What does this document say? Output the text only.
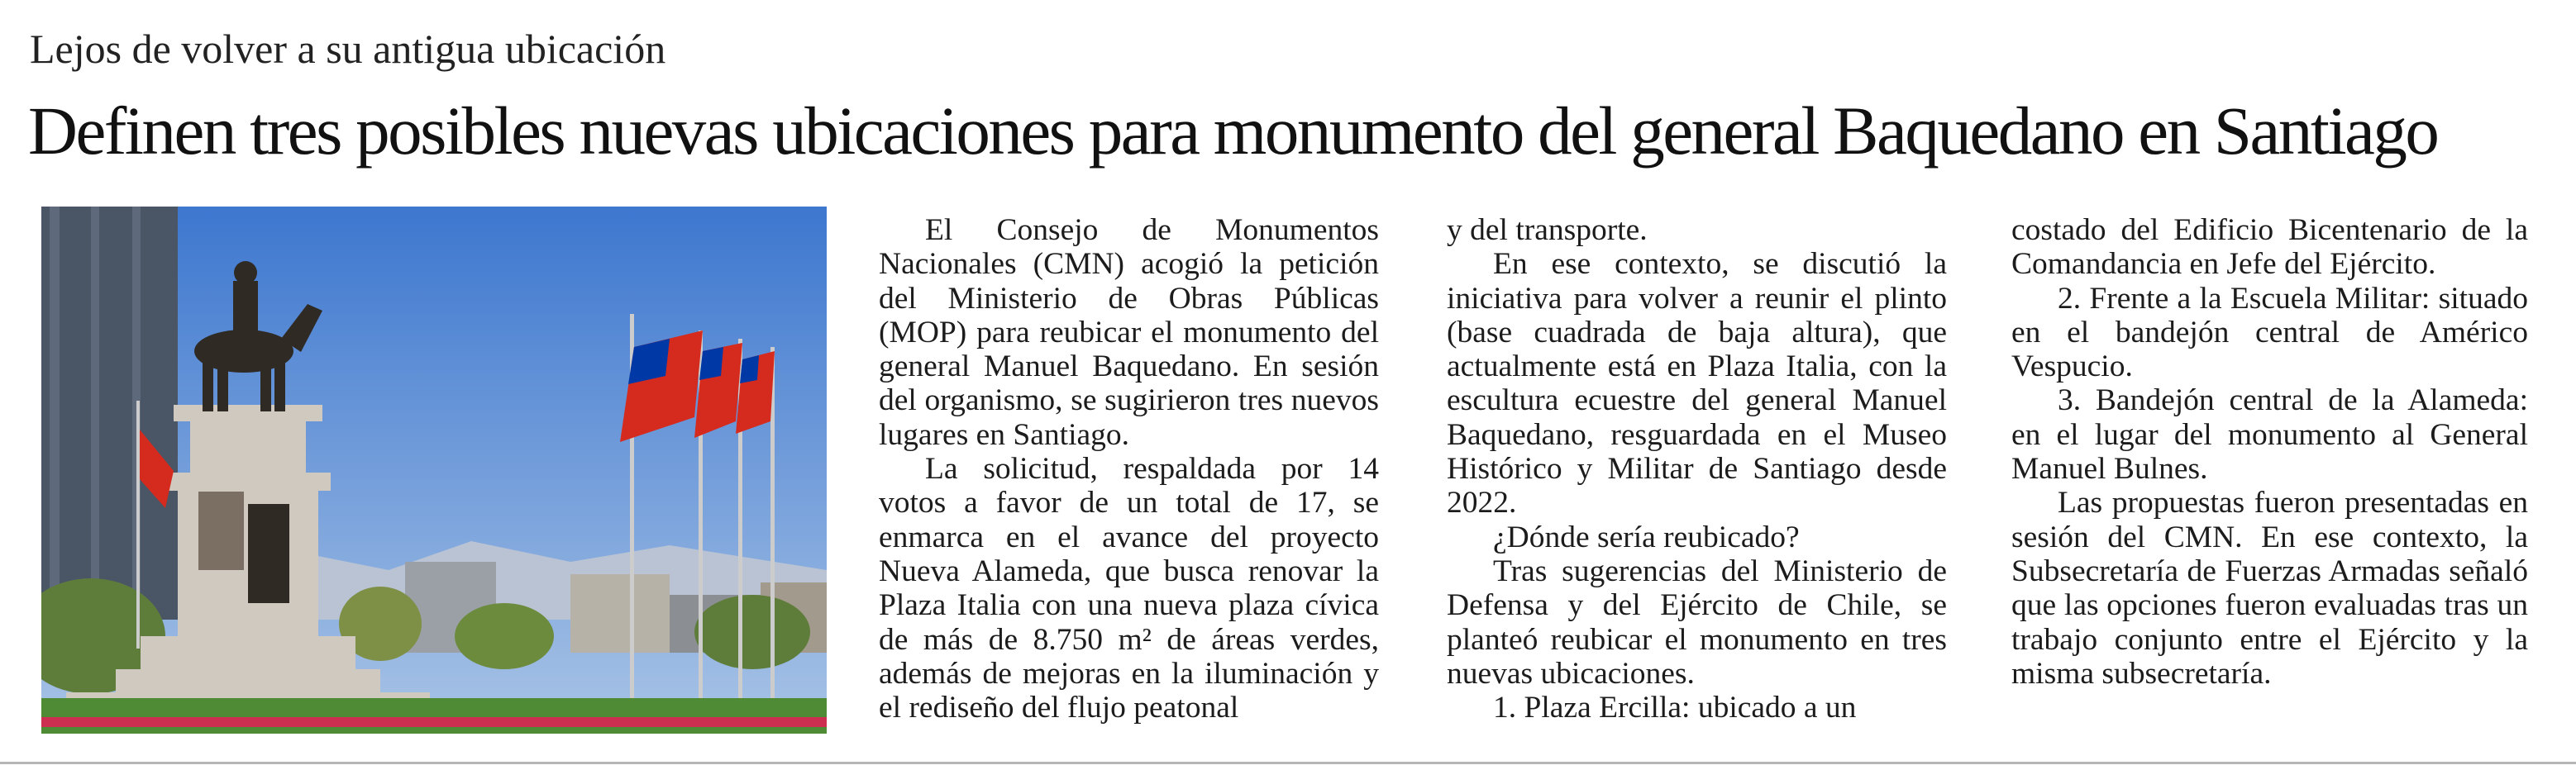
Lejos de volver a su antigua ubicación
Definen tres posibles nuevas ubicaciones para monumento del general Baquedano en Santiago

El Consejo de Monumentos Nacionales (CMN) acogió la petición del Ministerio de Obras Públicas (MOP) para reubicar el monumento del general Manuel Baquedano. En sesión del organismo, se sugirieron tres nuevos lugares en Santiago.

La solicitud, respaldada por 14 votos a favor de un total de 17, se enmarca en el avance del proyecto Nueva Alameda, que busca renovar la Plaza Italia con una nueva plaza cívica de más de 8.750 m² de áreas verdes, además de mejoras en la iluminación y el rediseño del flujo peatonal

y del transporte.

En ese contexto, se discutió la iniciativa para volver a reunir el plinto (base cuadrada de baja altura), que actualmente está en Plaza Italia, con la escultura ecuestre del general Manuel Baquedano, resguardada en el Museo Histórico y Militar de Santiago desde 2022.

¿Dónde sería reubicado?

Tras sugerencias del Ministerio de Defensa y del Ejército de Chile, se planteó reubicar el monumento en tres nuevas ubicaciones.

1. Plaza Ercilla: ubicado a un

costado del Edificio Bicentenario de la Comandancia en Jefe del Ejército.

2. Frente a la Escuela Militar: situado en el bandejón central de Américo Vespucio.

3. Bandejón central de la Alameda: en el lugar del monumento al General Manuel Bulnes.

Las propuestas fueron presentadas en sesión del CMN. En ese contexto, la Subsecretaría de Fuerzas Armadas señaló que las opciones fueron evaluadas tras un trabajo conjunto entre el Ejército y la misma subsecretaría.
